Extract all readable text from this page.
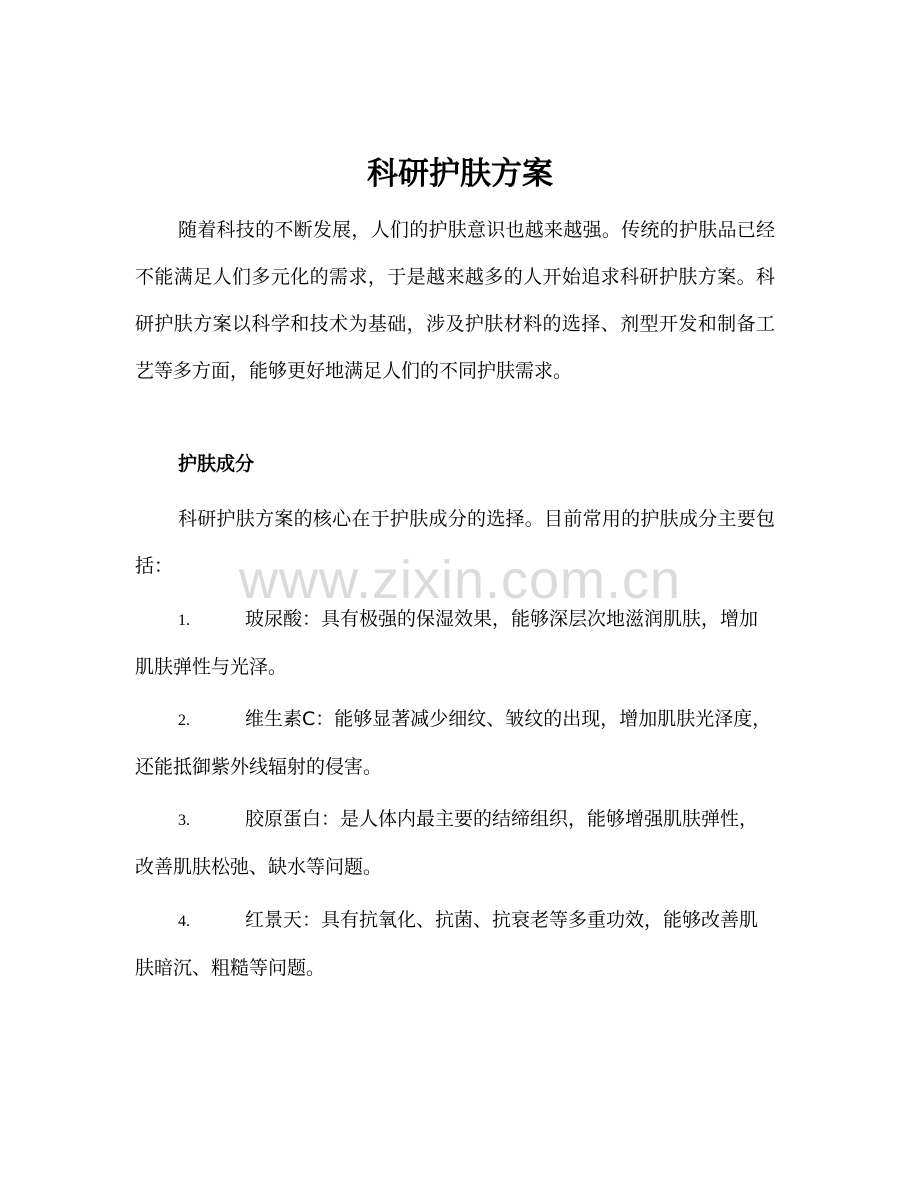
科研护肤方案

随着科技的不断发展，人们的护肤意识也越来越强。传统的护肤品已经不能满足人们多元化的需求，于是越来越多的人开始追求科研护肤方案。科研护肤方案以科学和技术为基础，涉及护肤材料的选择、剂型开发和制备工艺等多方面，能够更好地满足人们的不同护肤需求。

护肤成分

科研护肤方案的核心在于护肤成分的选择。目前常用的护肤成分主要包括：	www.zixin.com.cn

1.	玻尿酸：具有极强的保湿效果，能够深层次地滋润肌肤，增加肌肤弹性与光泽。

2.	维生素C：能够显著减少细纹、皱纹的出现，增加肌肤光泽度，还能抵御紫外线辐射的侵害。

3.	胶原蛋白：是人体内最主要的结缔组织，能够增强肌肤弹性，改善肌肤松弛、缺水等问题。

4.	红景天：具有抗氧化、抗菌、抗衰老等多重功效，能够改善肌肤暗沉、粗糙等问题。
